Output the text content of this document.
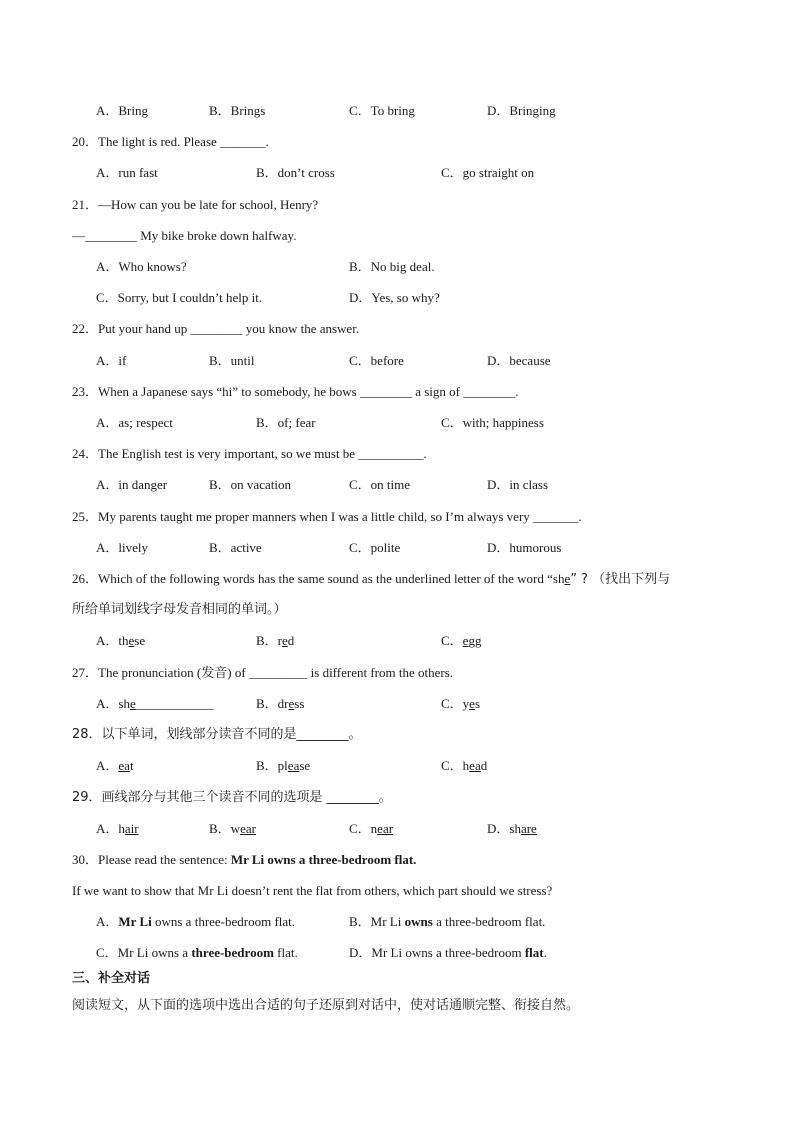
A．Bring	B．Brings	C．To bring	D．Bringing
20．The light is red. Please _______.
A．run fast	B．don’t cross	C．go straight on
21．—How can you be late for school, Henry?
—________ My bike broke down halfway.
A．Who knows?	B．No big deal.
C．Sorry, but I couldn’t help it.	D．Yes, so why?
22．Put your hand up ________ you know the answer.
A．if	B．until	C．before	D．because
23．When a Japanese says “hi” to somebody, he bows ________ a sign of ________.
A．as; respect	B．of; fear	C．with; happiness
24．The English test is very important, so we must be __________.
A．in danger	B．on vacation	C．on time	D．in class
25．My parents taught me proper manners when I was a little child, so I’m always very _______.
A．lively	B．active	C．polite	D．humorous
26．Which of the following words has the same sound as the underlined letter of the word “she” ? （找出下列与
所给单词划线字母发音相同的单词。）
A．these	B．red	C．egg
27．The pronunciation (发音) of _________ is different from the others.
A．she____________	B．dress	C．yes
28．以下单词，划线部分读音不同的是________。
A．eat	B．please	C．head
29．画线部分与其他三个读音不同的选项是 ________。
A．hair	B．wear	C．near	D．share
30．Please read the sentence: Mr Li owns a three-bedroom flat.
If we want to show that Mr Li doesn’t rent the flat from others, which part should we stress?
A．Mr Li owns a three-bedroom flat.	B．Mr Li owns a three-bedroom flat.
C．Mr Li owns a three-bedroom flat.	D．Mr Li owns a three-bedroom flat.
三、补全对话
阅读短文，从下面的选项中选出合适的句子还原到对话中，使对话通顺完整、衔接自然。
